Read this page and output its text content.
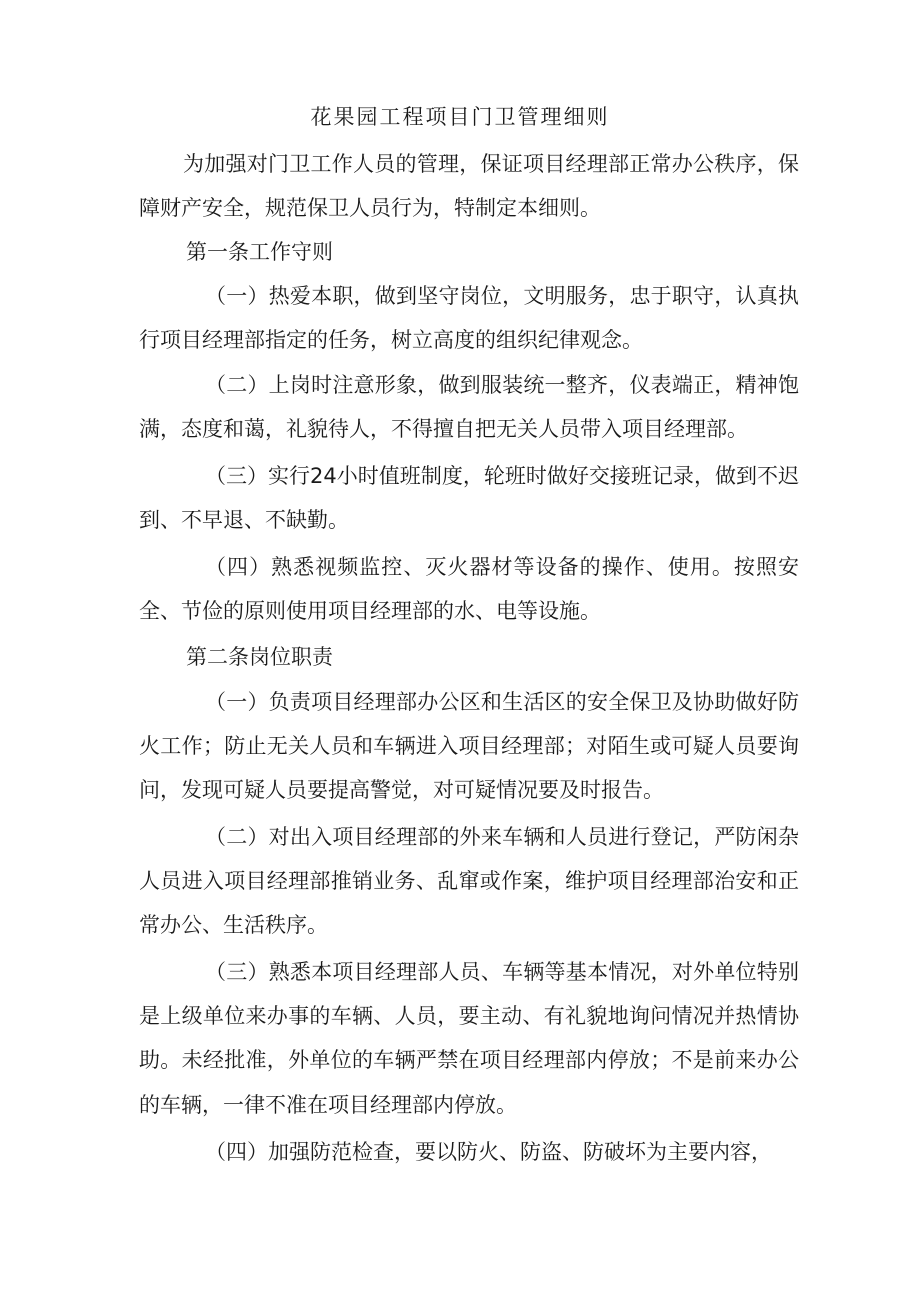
花果园工程项目门卫管理细则

为加强对门卫工作人员的管理，保证项目经理部正常办公秩序，保障财产安全，规范保卫人员行为，特制定本细则。

第一条工作守则

（一）热爱本职，做到坚守岗位，文明服务，忠于职守，认真执行项目经理部指定的任务，树立高度的组织纪律观念。

（二）上岗时注意形象，做到服装统一整齐，仪表端正，精神饱满，态度和蔼，礼貌待人，不得擅自把无关人员带入项目经理部。

（三）实行24小时值班制度，轮班时做好交接班记录，做到不迟到、不早退、不缺勤。

（四）熟悉视频监控、灭火器材等设备的操作、使用。按照安全、节俭的原则使用项目经理部的水、电等设施。

第二条岗位职责

（一）负责项目经理部办公区和生活区的安全保卫及协助做好防火工作；防止无关人员和车辆进入项目经理部；对陌生或可疑人员要询问，发现可疑人员要提高警觉，对可疑情况要及时报告。

（二）对出入项目经理部的外来车辆和人员进行登记，严防闲杂人员进入项目经理部推销业务、乱窜或作案，维护项目经理部治安和正常办公、生活秩序。

（三）熟悉本项目经理部人员、车辆等基本情况，对外单位特别是上级单位来办事的车辆、人员，要主动、有礼貌地询问情况并热情协助。未经批准，外单位的车辆严禁在项目经理部内停放；不是前来办公的车辆，一律不准在项目经理部内停放。

（四）加强防范检查，要以防火、防盗、防破坏为主要内容，
